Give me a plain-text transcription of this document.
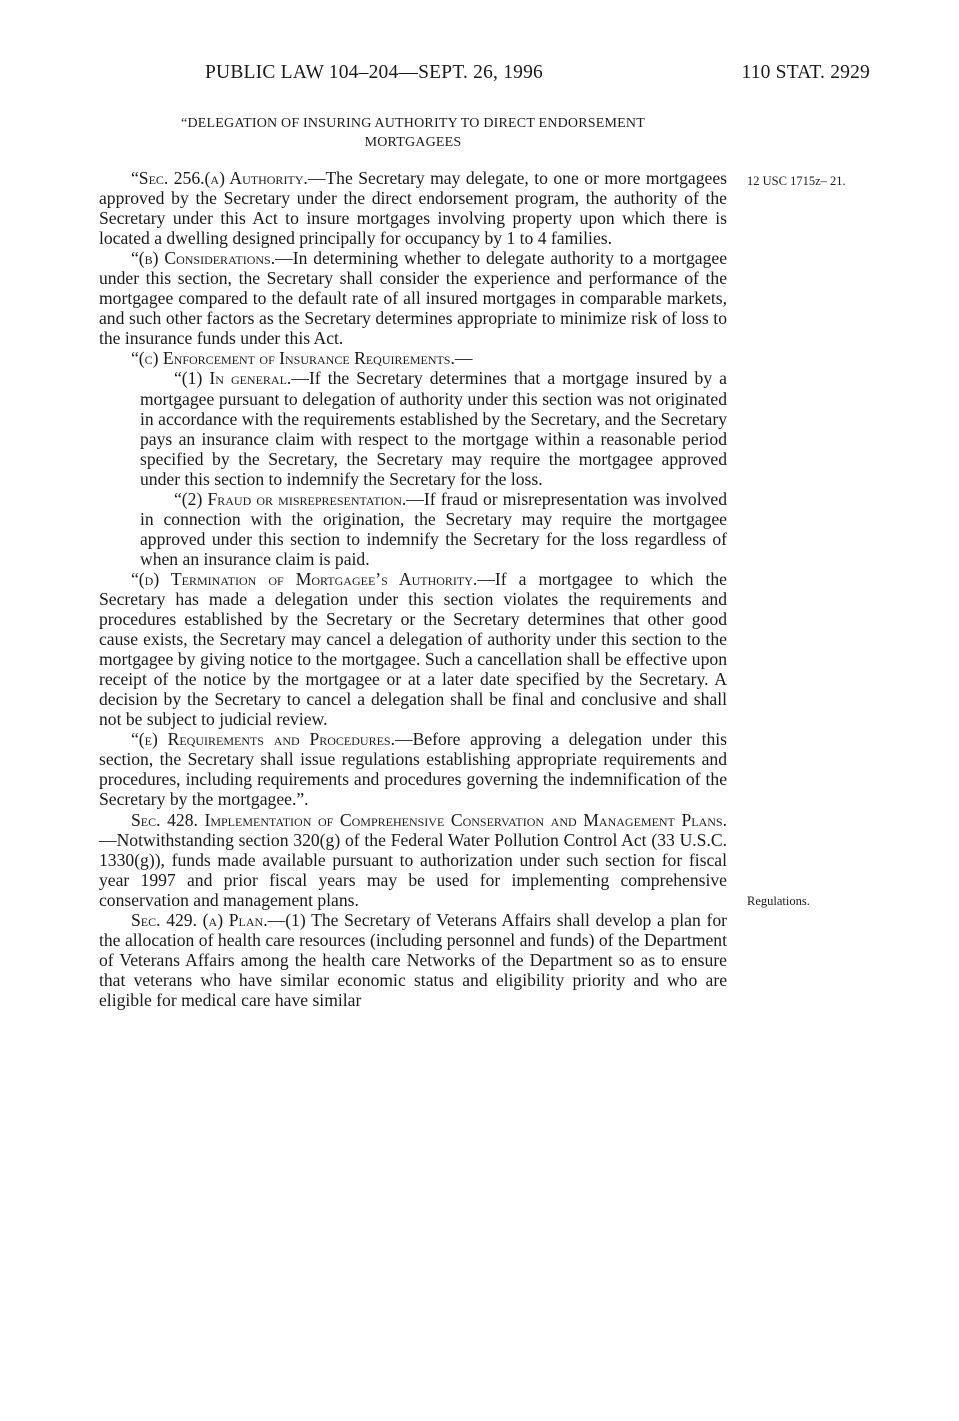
PUBLIC LAW 104–204—SEPT. 26, 1996	110 STAT. 2929
“DELEGATION OF INSURING AUTHORITY TO DIRECT ENDORSEMENT
MORTGAGEES
12 USC 1715z– 21.
Regulations.

“Sec. 256.(a) Authority.—The Secretary may delegate, to one or more mortgagees approved by the Secretary under the direct endorsement program, the authority of the Secretary under this Act to insure mortgages involving property upon which there is located a dwelling designed principally for occupancy by 1 to 4 families.

“(b) Considerations.—In determining whether to delegate authority to a mortgagee under this section, the Secretary shall consider the experience and performance of the mortgagee compared to the default rate of all insured mortgages in comparable markets, and such other factors as the Secretary determines appropriate to minimize risk of loss to the insurance funds under this Act.

“(c) Enforcement of Insurance Requirements.—

“(1) In general.—If the Secretary determines that a mortgage insured by a mortgagee pursuant to delegation of authority under this section was not originated in accordance with the requirements established by the Secretary, and the Secretary pays an insurance claim with respect to the mortgage within a reasonable period specified by the Secretary, the Secretary may require the mortgagee approved under this section to indemnify the Secretary for the loss.

“(2) Fraud or misrepresentation.—If fraud or misrepresentation was involved in connection with the origination, the Secretary may require the mortgagee approved under this section to indemnify the Secretary for the loss regardless of when an insurance claim is paid.

“(d) Termination of Mortgagee’s Authority.—If a mortgagee to which the Secretary has made a delegation under this section violates the requirements and procedures established by the Secretary or the Secretary determines that other good cause exists, the Secretary may cancel a delegation of authority under this section to the mortgagee by giving notice to the mortgagee. Such a cancellation shall be effective upon receipt of the notice by the mortgagee or at a later date specified by the Secretary. A decision by the Secretary to cancel a delegation shall be final and conclusive and shall not be subject to judicial review.

“(e) Requirements and Procedures.—Before approving a delegation under this section, the Secretary shall issue regulations establishing appropriate requirements and procedures, including requirements and procedures governing the indemnification of the Secretary by the mortgagee.”.

Sec. 428. Implementation of Comprehensive Conservation and Management Plans.—Notwithstanding section 320(g) of the Federal Water Pollution Control Act (33 U.S.C. 1330(g)), funds made available pursuant to authorization under such section for fiscal year 1997 and prior fiscal years may be used for implementing comprehensive conservation and management plans.

Sec. 429. (a) Plan.—(1) The Secretary of Veterans Affairs shall develop a plan for the allocation of health care resources (including personnel and funds) of the Department of Veterans Affairs among the health care Networks of the Department so as to ensure that veterans who have similar economic status and eligibility priority and who are eligible for medical care have similar
